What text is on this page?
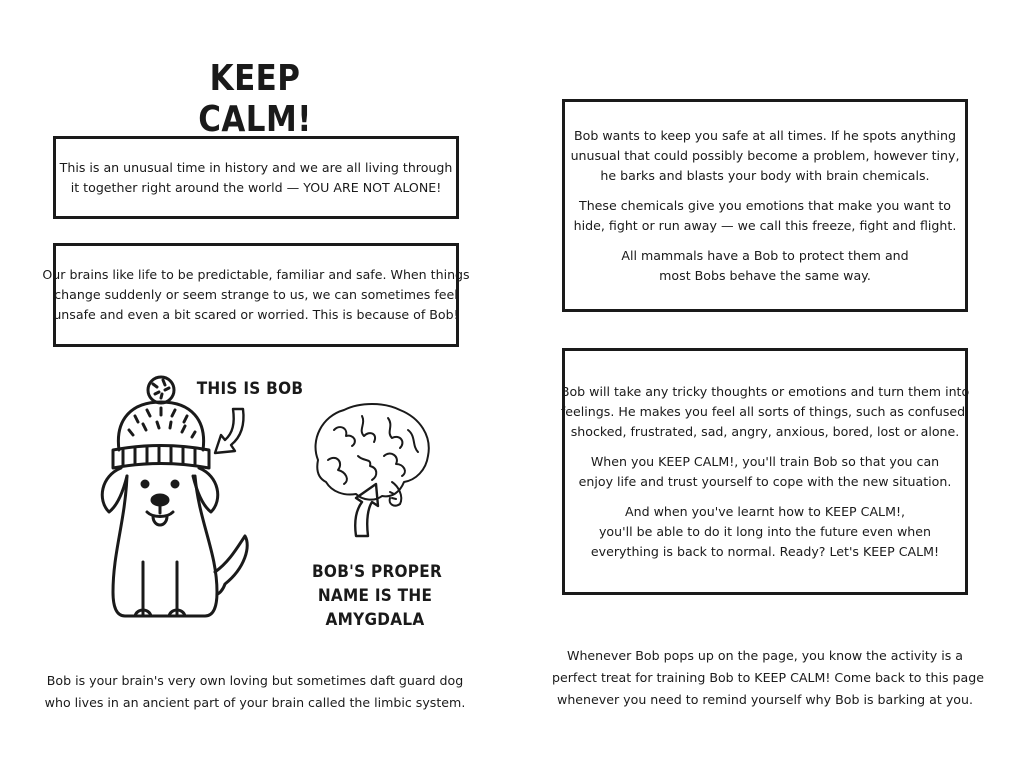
KEEP CALM!
This is an unusual time in history and we are all living through
it together right around the world — YOU ARE NOT ALONE!
Our brains like life to be predictable, familiar and safe. When things
change suddenly or seem strange to us, we can sometimes feel
unsafe and even a bit scared or worried. This is because of Bob!
THIS IS BOB
BOB'S PROPER
NAME IS THE
AMYGDALA
Bob is your brain's very own loving but sometimes daft guard dog
who lives in an ancient part of your brain called the limbic system.

Bob wants to keep you safe at all times. If he spots anything
unusual that could possibly become a problem, however tiny,
he barks and blasts your body with brain chemicals.

These chemicals give you emotions that make you want to
hide, fight or run away — we call this freeze, fight and flight.

All mammals have a Bob to protect them and
most Bobs behave the same way.

Bob will take any tricky thoughts or emotions and turn them into
feelings. He makes you feel all sorts of things, such as confused,
shocked, frustrated, sad, angry, anxious, bored, lost or alone.

When you KEEP CALM!, you'll train Bob so that you can
enjoy life and trust yourself to cope with the new situation.

And when you've learnt how to KEEP CALM!,
you'll be able to do it long into the future even when
everything is back to normal. Ready? Let's KEEP CALM!

Whenever Bob pops up on the page, you know the activity is a
perfect treat for training Bob to KEEP CALM! Come back to this page
whenever you need to remind yourself why Bob is barking at you.
